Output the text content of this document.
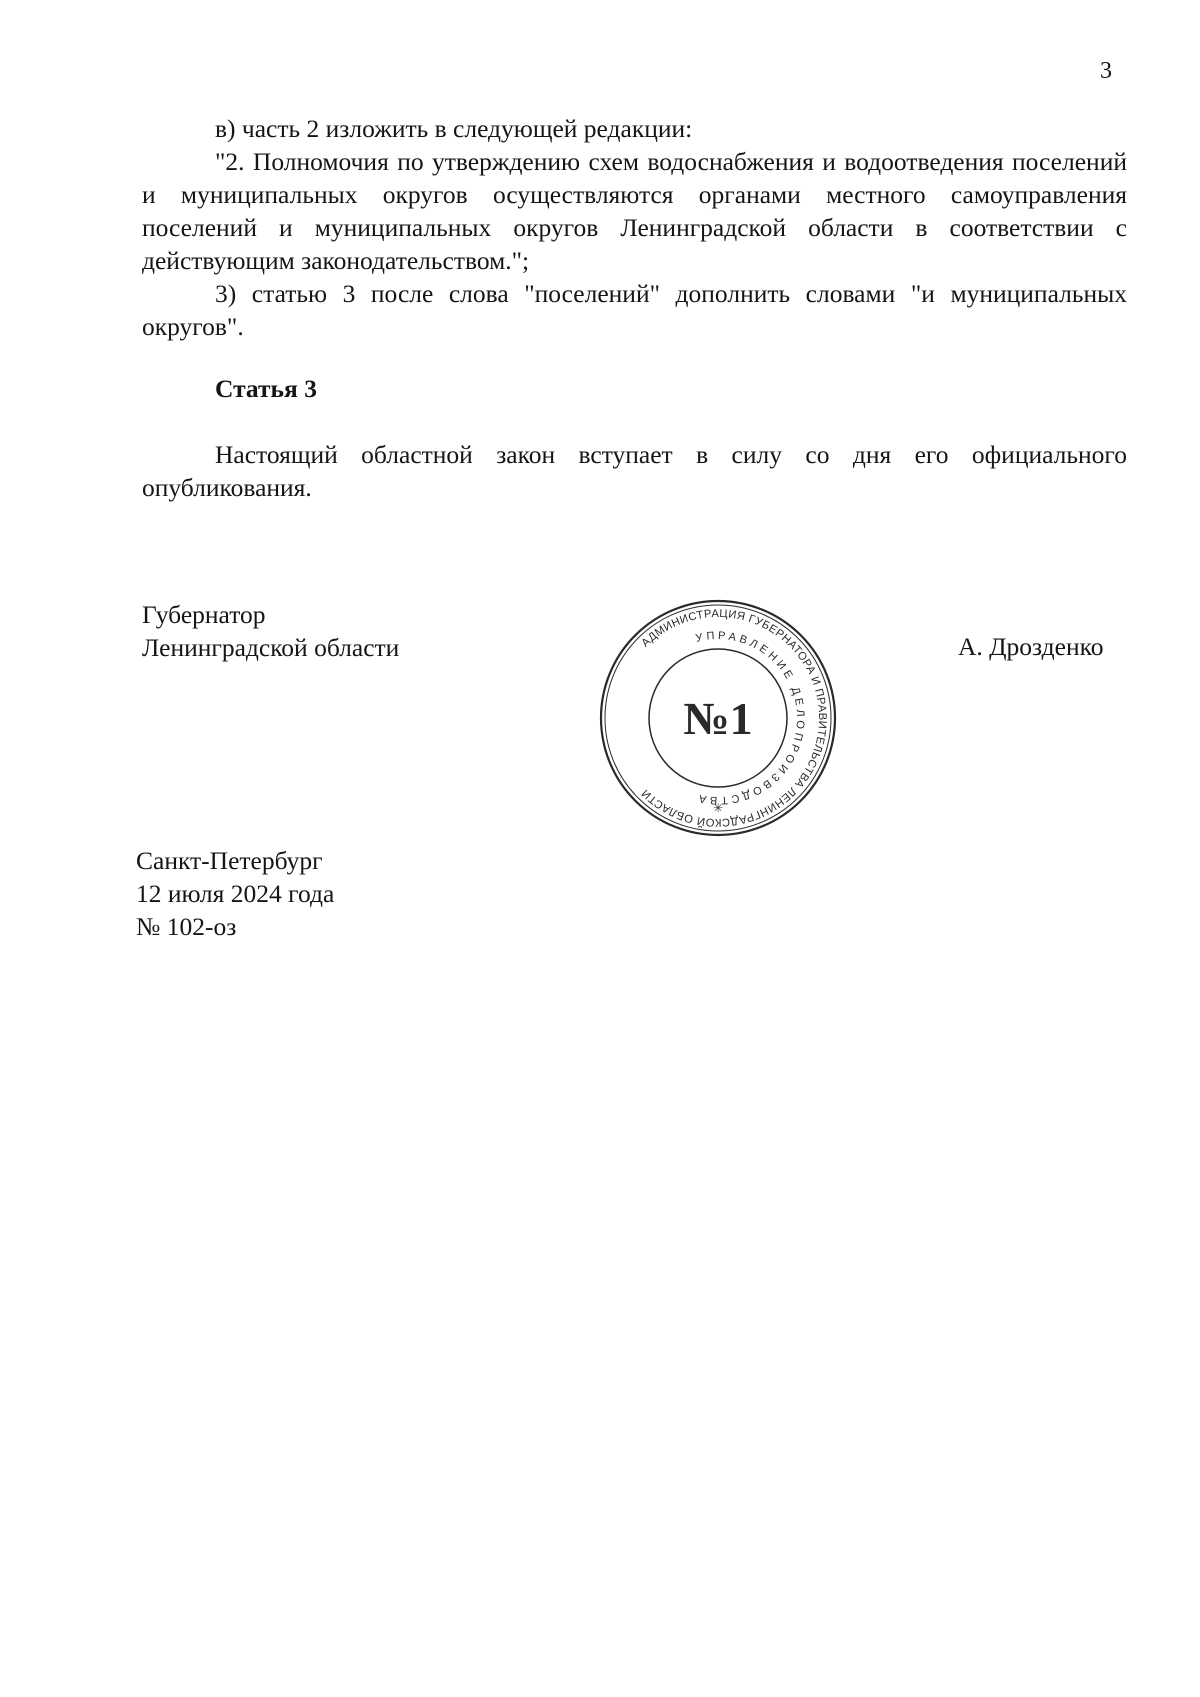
3

в) часть 2 изложить в следующей редакции:

"2. Полномочия по утверждению схем водоснабжения и водоотведения поселений и муниципальных округов осуществляются органами местного самоуправления поселений и муниципальных округов Ленинградской области в соответствии с действующим законодательством.";

3) статью 3 после слова "поселений" дополнить словами "и муниципальных округов".

Статья 3

Настоящий областной закон вступает в силу со дня его официального опубликования.

Губернатор
Ленинградской области	А. Дрозденко
АДМИНИСТРАЦИЯ ГУБЕРНАТОРА И ПРАВИТЕЛЬСТВА ЛЕНИНГРАДСКОЙ ОБЛАСТИ
УПРАВЛЕНИЕ ДЕЛОПРОИЗВОДСТВА
№1
✳
Санкт-Петербург
12 июля 2024 года
№ 102-оз
